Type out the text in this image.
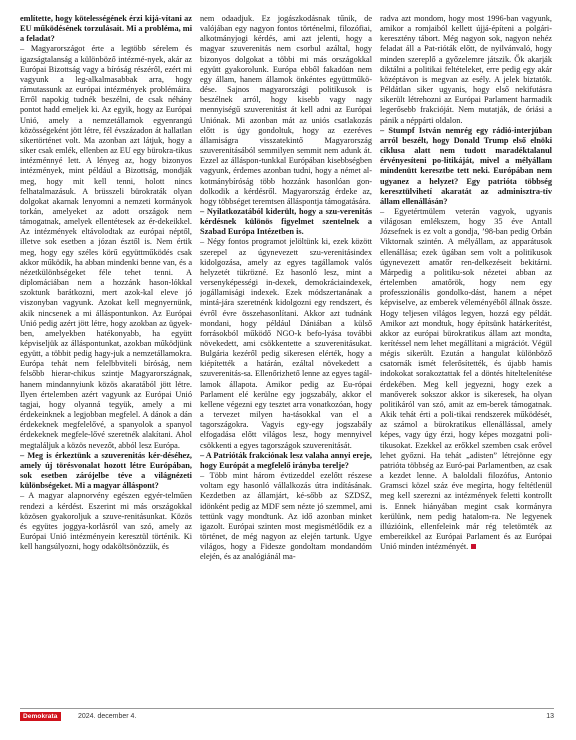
említette, hogy kötelességének érzi kijá-vítani az EU működésének torzulásait. Mi a probléma, mi a feladat?

– Magyarországot érte a legtöbb sérelem és igazságtalanság a különböző intézmé-nyek, akár az Európai Bizottság vagy a bíróság részéről, ezért mi vagyunk a leg-alkalmasabbak arra, hogy rámutassunk az európai intézmények problémáira. Erről napokig tudnék beszélni, de csak néhány pontot hadd emeljek ki. Az egyik, hogy az Európai Unió, amely a nemzetállamok egyenrangú közösségeként jött létre, fél évszázadon át hallatlan sikertörténet volt. Ma azonban azt látjuk, hogy a siker csak emlék, ellenben az EU egy bürokra-tikus intézménnyé lett. A lényeg az, hogy bizonyos intézmények, mint például a Bizottság, mondják meg, hogy mit kell tenni, holott nincs felhatalmazásuk. A brüsszeli bürokraták olyan dolgokat akarnak lenyomni a nemzeti kormányok torkán, amelyeket az adott országok nem támogatnak, amelyek ellentétesek az ér-dekeikkel. Az intézmények eltávolodtak az európai néptől, illetve sok esetben a józan észtől is. Nem értik meg, hogy egy széles körű együttműködés csak akkor működik, ha abban mindenki benne van, és a nézetkülönbségeket féle tehet tenni. A diplomáciában nem a hozzánk hason-lókkal szoktunk barátkozni, mert azok-kal eleve jó viszonyban vagyunk. Azokat kell megnyernünk, akik nincsenek a mi álláspontunkon. Az Európai Unió pedig azért jött létre, hogy azokban az ügyek-ben, amelyekben hatékonyabb, ha együtt képviseljük az álláspontunkat, azokban működjünk együtt, a többit pedig hagy-juk a nemzetállamokra. Európa tehát nem felelbbviteli bíróság, nem felsőbb hierar-chikus szintje Magyarországnak, hanem mindannyiunk közös akaratából jött létre. Ilyen értelemben azért vagyunk az Európai Unió tagjai, hogy olyanná tegyük, amely a mi érdekeinknek a legjobban megfelel. A dánok a dán érdekeknek megfelelővé, a spanyolok a spanyol érdekeknek megfele-lővé szeretnék alakítani. Ahol megtaláljuk a közös nevezőt, abból lesz Európa.

– Meg is érkeztünk a szuverenitás kér-déséhez, amely új törésvonalat hozott létre Európában, sok esetben zárójelbe téve a világnézeti különbségeket. Mi a magyar álláspont?

– A magyar alapnorvény egészen egyér-telműen rendezi a kérdést. Eszerint mi más országokkal közösen gyakoroljuk a szuve-renitásunkat. Közös és együtes joggya-korlásról van szó, amely az Európai Unió intézményein keresztül történik. Ki kell hangsúlyozni, hogy odaköltsönözzük, és

nem odaadjuk. Ez jogászkodásnak tűnik, de valójában egy nagyon fontos történelmi, filozófiai, alkotmányjogi kérdés, ami azt jelenti, hogy a magyar szuverenitás nem csorbul azáltal, hogy bizonyos dolgokat a többi mi más országokkal együtt gyakorolunk. Európa ebből fakadóan nem egy állam, hanem államok önkéntes együttműkö-dése. Sajnos magyarországi politikusok is beszélnek arról, hogy kisebb vagy nagy mennyiségű szuverenitást át kell adni az Európai Uniónak. Mi azonban mát az uniós csatlakozás előtt is úgy gondoltuk, hogy az ezeréves államiságra visszatekintő Magyarország szuverenitásából semmilyen semmit nem adunk át. Ezzel az álláspon-tunkkal Európában kisebbségben vagyunk, érdemes azonban tudni, hogy a német al-kotmánybíróság több hozzánk hasonlóan gon-dolkodik a kérdésről. Magyarország érdeke az, hogy többséget teremtsen álláspontja támogatására.

– Nyilatkozatából kiderült, hogy a szu-verenitás kérdésnek különös figyelmet szentelnek a Szabad Európa Intézetben is.

– Négy fontos programot jelöltünk ki, ezek között szerepel az úgynevezett szu-verenitásindex kidolgozása, amely az egyes tagállamok valós helyzetét tükrözné. Ez hasonló lesz, mint a versenyképességi in-dexek, demokráciaindexek, jogállamisági indexek. Ezek módszertanának a mintá-jára szeretnénk kidolgozni egy rendszert, és évről évre összehasonlítani. Akkor azt tudnánk mondani, hogy például Dániában a külső forrásokból működő NGO-k befo-lyása további növekedett, ami csökkentette a szuverenitásukat. Bulgária kezéről pedig sikeresen elérték, hogy a kiépítették a határán, ezáltal növekedett a szuverenitás-sa. Ellenőrizhető lenne az egyes tagál-lamok állapota. Amikor pedig az Eu-rópai Parlament elé kerülne egy jogszabály, akkor el kellene végezni egy tesztet arra vonatkozóan, hogy a tervezet milyen ha-tásokkal van el a tagországokra. Vagyis egy-egy jogszabály elfogadása előtt világos lesz, hogy mennyivel csökkenti a egyes tagországok szuverenitását.

– A Patrióták frakciónak lesz valaha annyi ereje, hogy Európát a megfelelő irányba terelje?

– Több mint három évtizeddel ezelőtt részese voltam egy hasonló vállalkozás útra indításának. Kezdetben az államjárt, ké-sőbb az SZDSZ, idönként pedig az MDF sem nézte jó szemmel, ami tettünk vagy mondtunk. Az idő azonban minket igazolt. Európai szinten most megismétlődik ez a történet, de még nagyon az elején tartunk. Ugye világos, hogy a Fidesze gondoltam mondandóm elején, és az analógiánál ma-

radva azt mondom, hogy most 1996-ban vagyunk, amikor a romjaiból kellett újjá-építeni a polgári-keresztény tábort. Még nagyon sok, nagyon nehéz feladat áll a Pat-rióták előtt, de nyilvánvaló, hogy minden szereplő a győzelemre játszik. Ők akarják diktálni a politikai feltételeket, erre pedig egy akár középtávon is megvan az esély. A jelek biztatók. Példátlan siker ugyanis, hogy első nekifutásra sikerült létrehozni az Európai Parlament harmadik legerősebb frakcióját. Nem mutatják, de óriási a pánik a néppárti oldalon.

– Stumpf István nemrég egy rádió-interjúban arról beszélt, hogy Donald Trump első elnöki ciklusa alatt nem tudott maradéktalanul érvényesíteni po-litikáját, mivel a mélyállam mindenütt keresztbe tett neki. Európában nem ugyanez a helyzet? Egy patrióta többség keresztülvihetí akaratát az adminisztra-tív állam ellenállásán?

– Egyetértmülem veterán vagyok, ugyanis világosan emlékszem, hogy 35 éve Antall Józsefnek is ez volt a gondja, ’98-ban pedig Orbán Viktornak szintén. A mélyállam, az apparátusok ellenállása; ezek ügában sem volt a politikusok úgynevezett amatőr ren-delkezéseit bekitárni. Márpedig a politiku-sok nézetei abban az értelemben amatőrök, hogy nem egy professzionális gondolko-dást, hanem a népet képviselve, az emberek véleményéből állnak össze. Hogy teljesen világos legyen, hozzá egy példát. Amikor azt mondtuk, hogy építsünk határkerítést, akkor az európai bürokratikus állam azt mondta, kerítéssel nem lehet megállítani a migrációt. Végül mégis sikerült. Ezután a hangulat különböző csatornák ismét felerősítették, és újabb hamis indokokat sorakoztattak fel a döntés hiteltelenítése érdekében. Meg kell jegyezni, hogy ezek a manőverek sokszor akkor is sikeresek, ha olyan politikáról van szó, amit az em-berek támogatnak. Akik tehát érti a poli-tikai rendszerek működését, az számol a bürokratikus ellenállással, amely képes, vagy úgy érzi, hogy képes mozgatni poli-tikusokat. Ezekkel az erőkkel szemben csak erővel lehet győzni. Ha tehát „adisten” létrejönne egy patrióta többség az Euró-pai Parlamentben, az csak a kezdet lenne. A baloldali filozófus, Antonio Gramsci közel száz éve megírta, hogy feltétlenül meg kell szerezni az intézmények feletti kontrollt is. Ennek hiányában megint csak kormányra kerülünk, nem pedig hatalom-ra. Ne legyenek illúzióink, ellenfeleink már rég teletömték az embereikkel az Európai Parlament és az Európai Unió minden intézményét.

Demokrata	2024. december 4.	13
